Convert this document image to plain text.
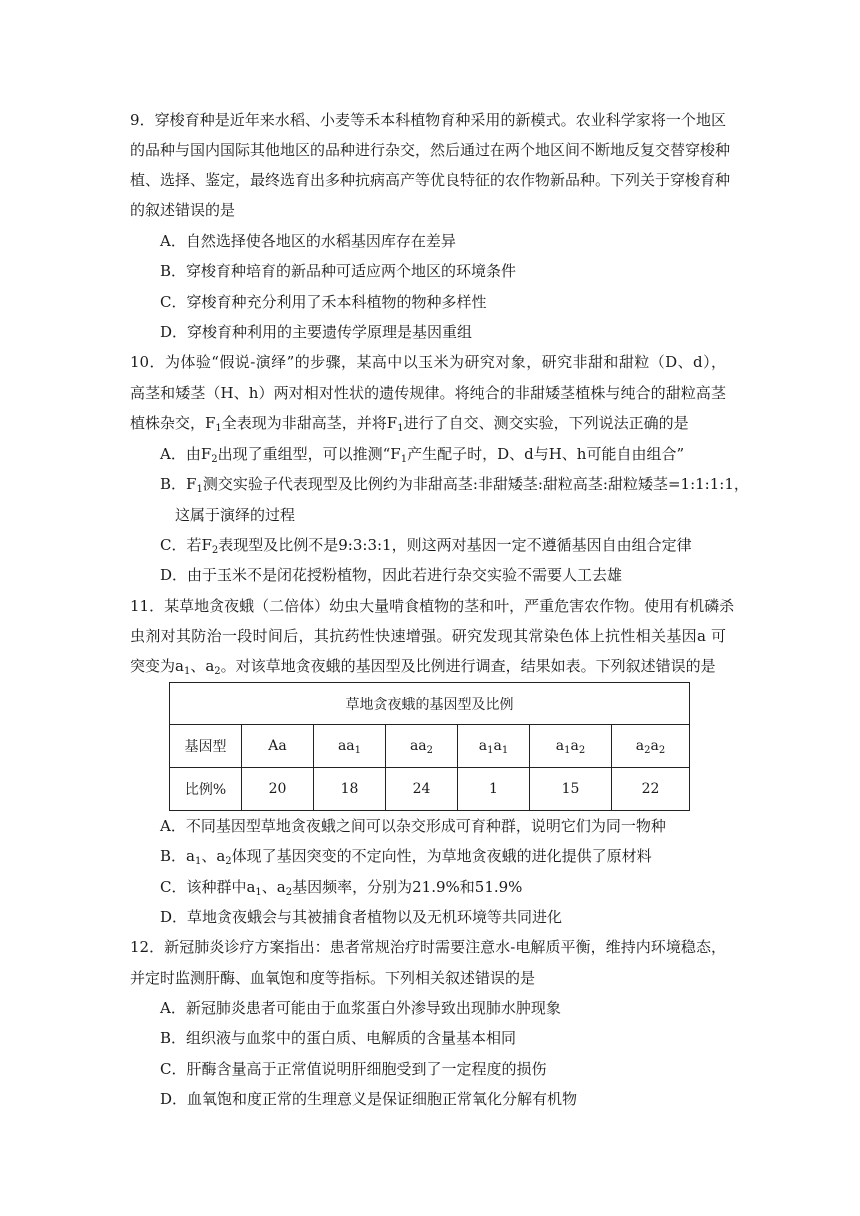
9．穿梭育种是近年来水稻、小麦等禾本科植物育种采用的新模式。农业科学家将一个地区
的品种与国内国际其他地区的品种进行杂交，然后通过在两个地区间不断地反复交替穿梭种
植、选择、鉴定，最终选育出多种抗病高产等优良特征的农作物新品种。下列关于穿梭育种
的叙述错误的是
A．自然选择使各地区的水稻基因库存在差异
B．穿梭育种培育的新品种可适应两个地区的环境条件
C．穿梭育种充分利用了禾本科植物的物种多样性
D．穿梭育种利用的主要遗传学原理是基因重组
10．为体验“假说-演绎”的步骤，某高中以玉米为研究对象，研究非甜和甜粒（D、d），
高茎和矮茎（H、h）两对相对性状的遗传规律。将纯合的非甜矮茎植株与纯合的甜粒高茎
植株杂交，$F_1$全表现为非甜高茎，并将$F_1$进行了自交、测交实验，下列说法正确的是
A．由$F_2$出现了重组型，可以推测“$F_1$产生配子时，D、d与H、h可能自由组合”
B．$F_1$测交实验子代表现型及比例约为非甜高茎:非甜矮茎:甜粒高茎:甜粒矮茎=1:1:1:1，
这属于演绎的过程
C．若$F_2$表现型及比例不是9:3:3:1，则这两对基因一定不遵循基因自由组合定律
D．由于玉米不是闭花授粉植物，因此若进行杂交实验不需要人工去雄
11．某草地贪夜蛾（二倍体）幼虫大量啃食植物的茎和叶，严重危害农作物。使用有机磷杀
虫剂对其防治一段时间后，其抗药性快速增强。研究发现其常染色体上抗性相关基因a 可
突变为$a_1$、$a_2$。对该草地贪夜蛾的基因型及比例进行调查，结果如表。下列叙述错误的是
草地贪夜蛾的基因型及比例						
基因型	Aa	$aa_1$	$aa_2$	$a_1a_1$	$a_1a_2$	$a_2a_2$
比例%	20	18	24	1	15	22
A．不同基因型草地贪夜蛾之间可以杂交形成可育种群，说明它们为同一物种
B．$a_1$、$a_2$体现了基因突变的不定向性，为草地贪夜蛾的进化提供了原材料
C．该种群中$a_1$、$a_2$基因频率，分别为21.9%和51.9%
D．草地贪夜蛾会与其被捕食者植物以及无机环境等共同进化
12．新冠肺炎诊疗方案指出：患者常规治疗时需要注意水-电解质平衡，维持内环境稳态，
并定时监测肝酶、血氧饱和度等指标。下列相关叙述错误的是
A．新冠肺炎患者可能由于血浆蛋白外渗导致出现肺水肿现象
B．组织液与血浆中的蛋白质、电解质的含量基本相同
C．肝酶含量高于正常值说明肝细胞受到了一定程度的损伤
D．血氧饱和度正常的生理意义是保证细胞正常氧化分解有机物
